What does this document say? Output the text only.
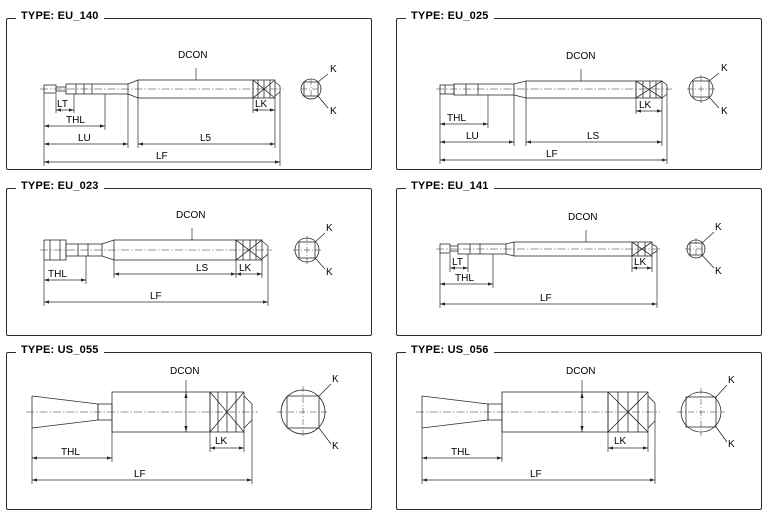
TYPE: EU_140
DCON
K
K
LT	LK
THL
LU	L5
LF
TYPE: EU_025
DCON
K
K
LK
THL
LU	LS
LF
TYPE: EU_023
DCON
K
K
LK
THL
LS
LF
TYPE: EU_141
DCON
K
K
LT	LK
THL
LF
TYPE: US_055
DCON
K
K
LK
THL
LF
TYPE: US_056
DCON
K
K
LK
THL
LF
